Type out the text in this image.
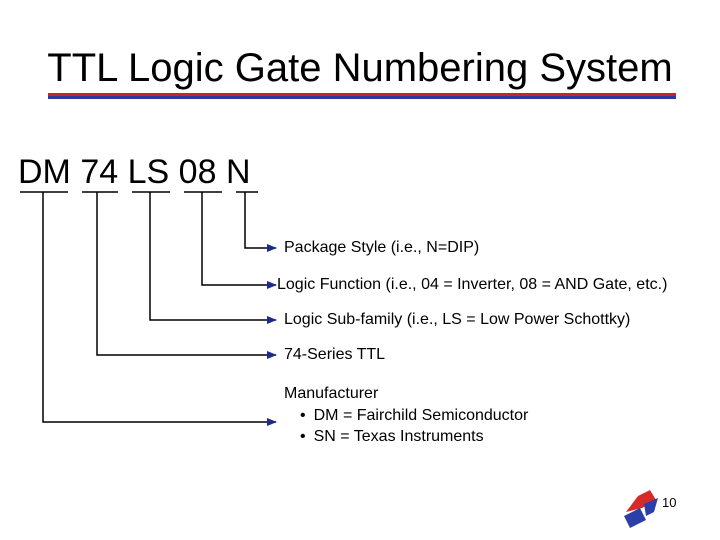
TTL Logic Gate Numbering System
DM 74 LS 08 N
Package Style (i.e., N=DIP)
Logic Function (i.e., 04 = Inverter, 08 = AND Gate, etc.)
Logic Sub-family (i.e., LS = Low Power Schottky)
74-Series TTL
Manufacturer
• DM = Fairchild Semiconductor
• SN = Texas Instruments
10
